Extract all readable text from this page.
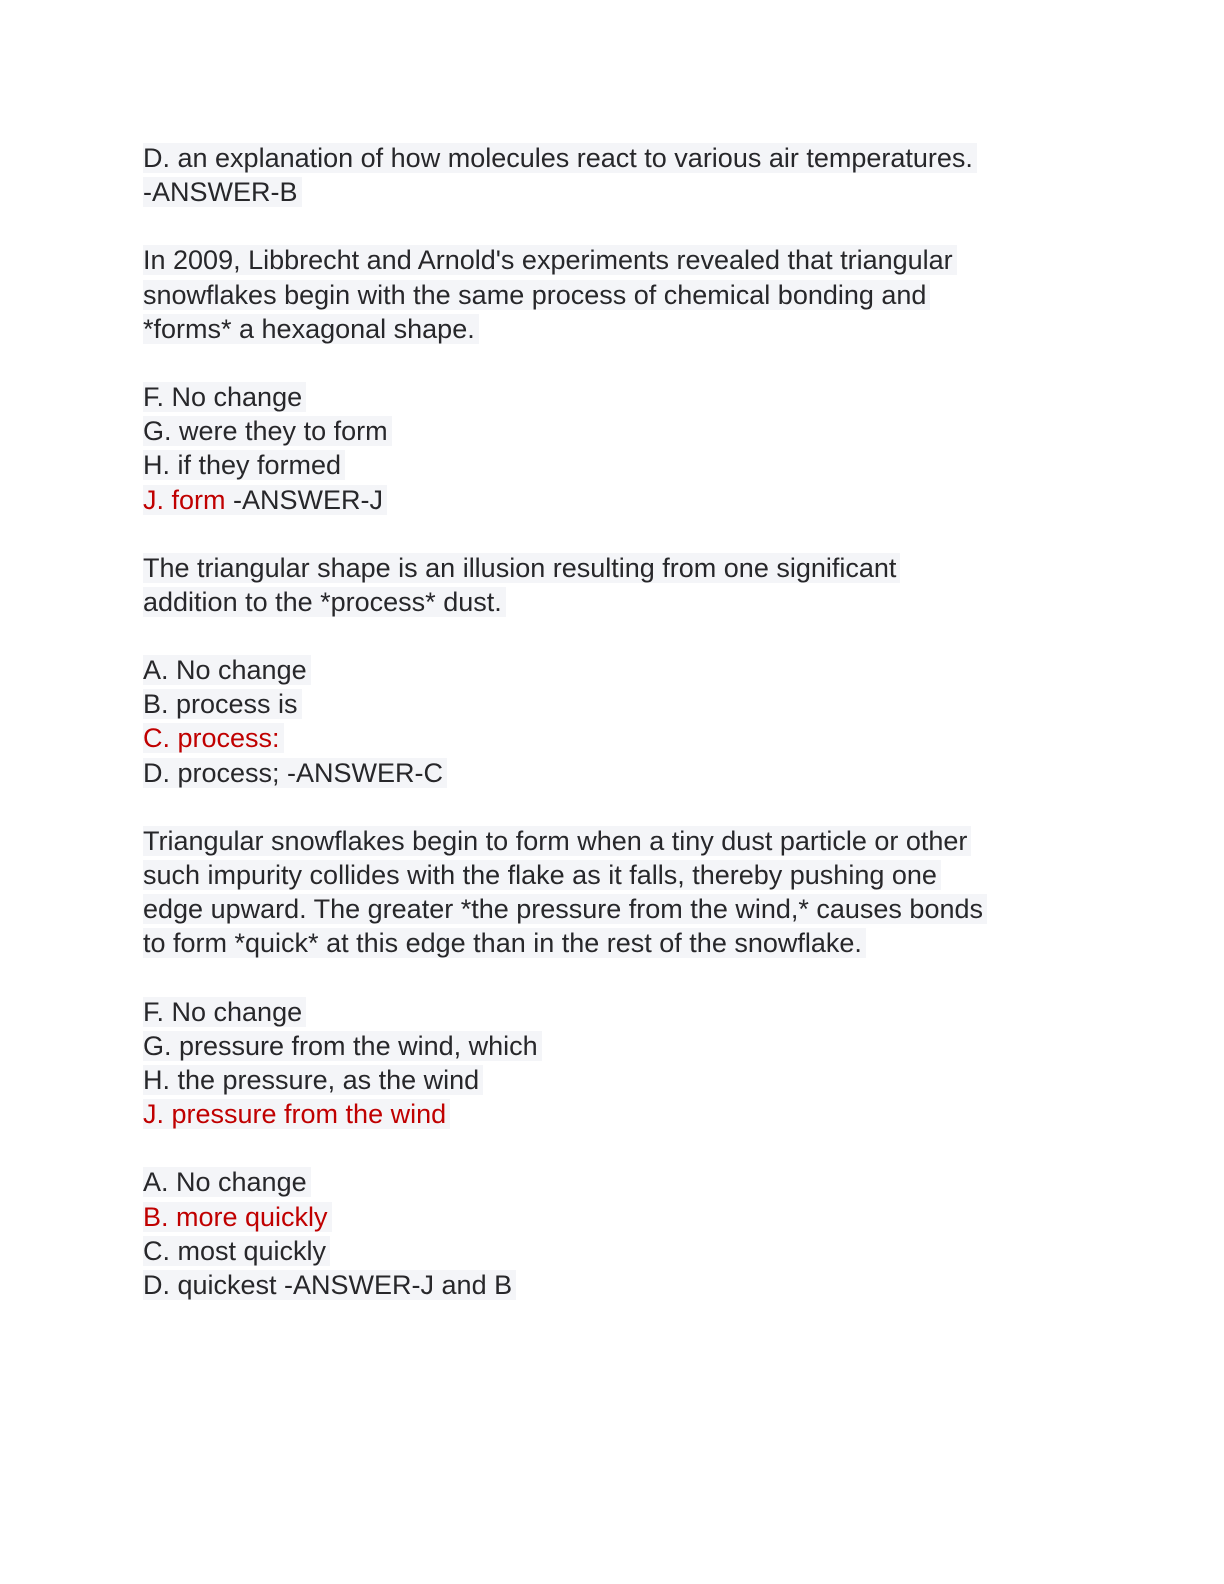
D. an explanation of how molecules react to various air temperatures.
-ANSWER-B
In 2009, Libbrecht and Arnold's experiments revealed that triangular
snowflakes begin with the same process of chemical bonding and
*forms* a hexagonal shape.
F. No change
G. were they to form
H. if they formed
J. form -ANSWER-J
The triangular shape is an illusion resulting from one significant
addition to the *process* dust.
A. No change
B. process is
C. process:
D. process; -ANSWER-C
Triangular snowflakes begin to form when a tiny dust particle or other
such impurity collides with the flake as it falls, thereby pushing one
edge upward. The greater *the pressure from the wind,* causes bonds
to form *quick* at this edge than in the rest of the snowflake.
F. No change
G. pressure from the wind, which
H. the pressure, as the wind
J. pressure from the wind
A. No change
B. more quickly
C. most quickly
D. quickest -ANSWER-J and B
